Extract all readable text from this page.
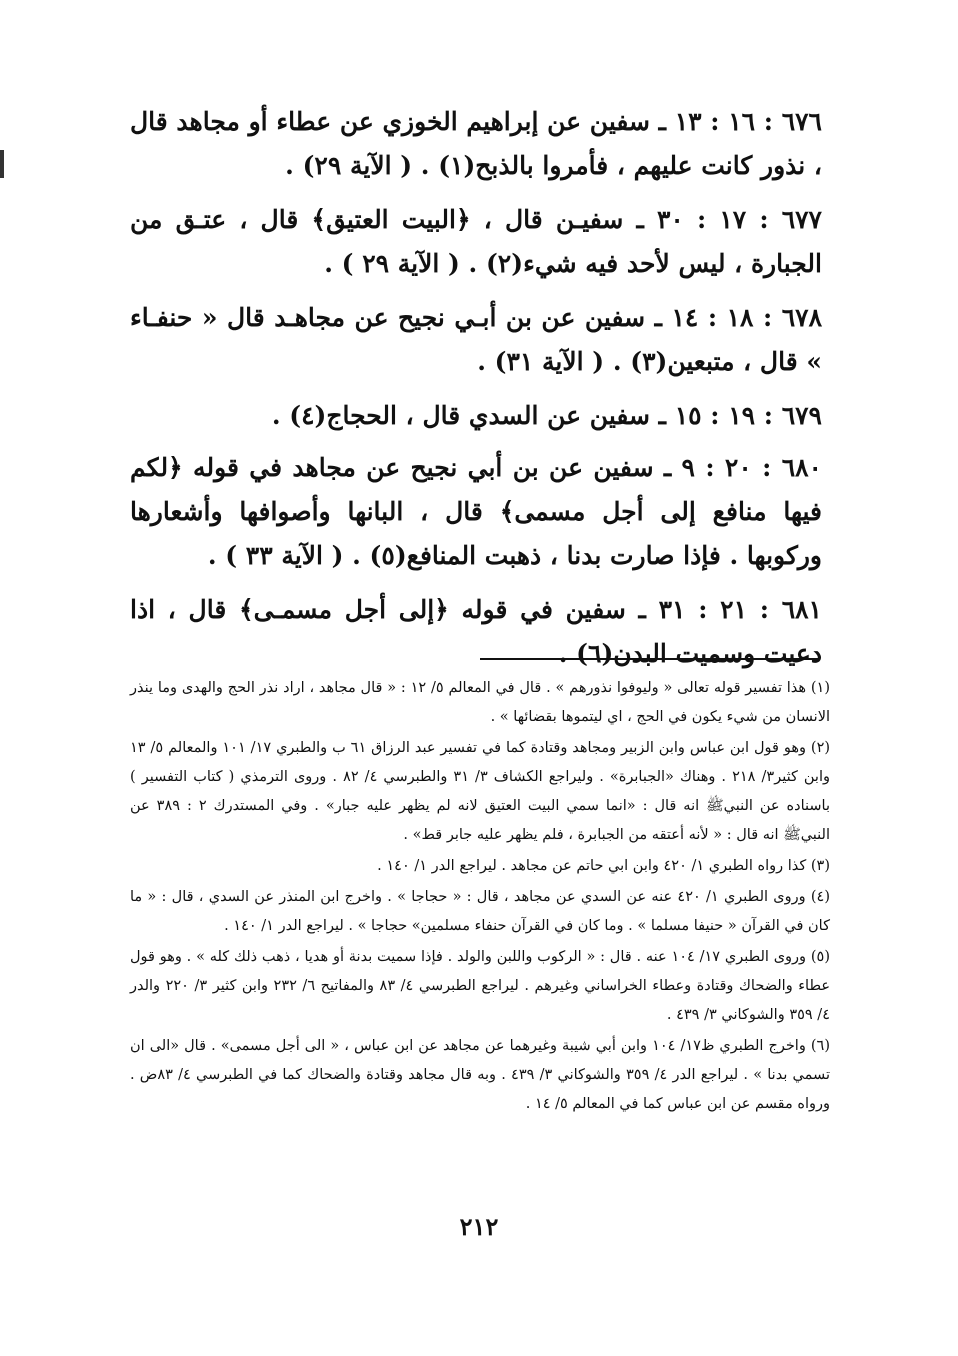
٦٧٦ : ١٦ : ١٣ ـ سفين عن إبراهيم الخوزي عن عطاء أو مجاهد قال ، نذور كانت عليهم ، فأمروا بالذبح(١) . ( الآية ٢٩) .

٦٧٧ : ١٧ : ٣٠ ـ سفيـن قال ، ﴿البيت العتيق﴾ قال ، عتـق من الجبارة ، ليس لأحد فيه شيء(٢) . ( الآية ٢٩ ) .

٦٧٨ : ١٨ : ١٤ ـ سفين عن بن أبـي نجيح عن مجاهـد قال « حنفـاء » قال ، متبعين(٣) . ( الآية ٣١) .

٦٧٩ : ١٩ : ١٥ ـ سفين عن السدي قال ، الحجاج(٤) .

٦٨٠ : ٢٠ : ٩ ـ سفين عن بن أبي نجيح عن مجاهد في قوله ﴿لكم فيها منافع إلى أجل مسمى﴾ قال ، البانها وأصوافها وأشعارها وركوبها . فإذا صارت بدنا ، ذهبت المنافع(٥) . ( الآية ٣٣ ) .

٦٨١ : ٢١ : ٣١ ـ سفين في قوله ﴿إلى أجل مسمـى﴾ قال ، اذا دعيت وسميت البدن(٦) .

(١) هذا تفسير قوله تعالى « وليوفوا نذورهم » . قال في المعالم ٥/ ١٢ : « قال مجاهد ، اراد نذر الحج والهدى وما ينذر الانسان من شيء يكون في الحج ، اي ليتموها بقضائها » .

(٢) وهو قول ابن عباس وابن الزبير ومجاهد وقتادة كما في تفسير عبد الرزاق ٦١ ب والطبري ١٧/ ١٠١ والمعالم ٥/ ١٣ وابن كثير٣/ ٢١٨ . وهناك «الجبابرة» . وليراجع الكشاف ٣/ ٣١ والطبرسي ٤/ ٨٢ . وروى الترمذي ( كتاب التفسير ) باسناده عن النبيﷺ انه قال : «انما سمي البيت العتيق لانه لم يظهر عليه جبار» . وفي المستدرك ٢ : ٣٨٩ عن النبيﷺ انه قال : « لأنه أعتقه من الجبابرة ، فلم يظهر عليه جابر قط» .

(٣) كذا رواه الطبري ١/ ٤٢٠ وابن ابي حاتم عن مجاهد . ليراجع الدر ١/ ١٤٠ .

(٤) وروى الطبري ١/ ٤٢٠ عنه عن السدي عن مجاهد ، قال : « حجاجا » . واخرج ابن المنذر عن السدي ، قال : « ما كان في القرآن « حنيفا مسلما » . وما كان في القرآن حنفاء مسلمين» حجاجا » . ليراجع الدر ١/ ١٤٠ .

(٥) وروى الطبري ١٧/ ١٠٤ عنه . قال : « الركوب واللبن والولد . فإذا سميت بدنة أو هديا ، ذهب ذلك كله » . وهو قول عطاء والضحاك وقتادة وعطاء الخراساني وغيرهم . ليراجع الطبرسي ٤/ ٨٣ والمفاتيح ٦/ ٢٣٢ وابن كثير ٣/ ٢٢٠ والدر ٤/ ٣٥٩ والشوكاني ٣/ ٤٣٩ .

(٦) واخرج الطبري ظ١٧/ ١٠٤ وابن أبي شيبة وغيرهما عن مجاهد عن ابن عباس ، « الى أجل مسمى» . قال «الى ان تسمي بدنا » . ليراجع الدر ٤/ ٣٥٩ والشوكاني ٣/ ٤٣٩ . وبه قال مجاهد وقتادة والضحاك كما في الطبرسي ٤/ ٨٣ض . ورواه مقسم عن ابن عباس كما في المعالم ٥/ ١٤ .

٢١٢
